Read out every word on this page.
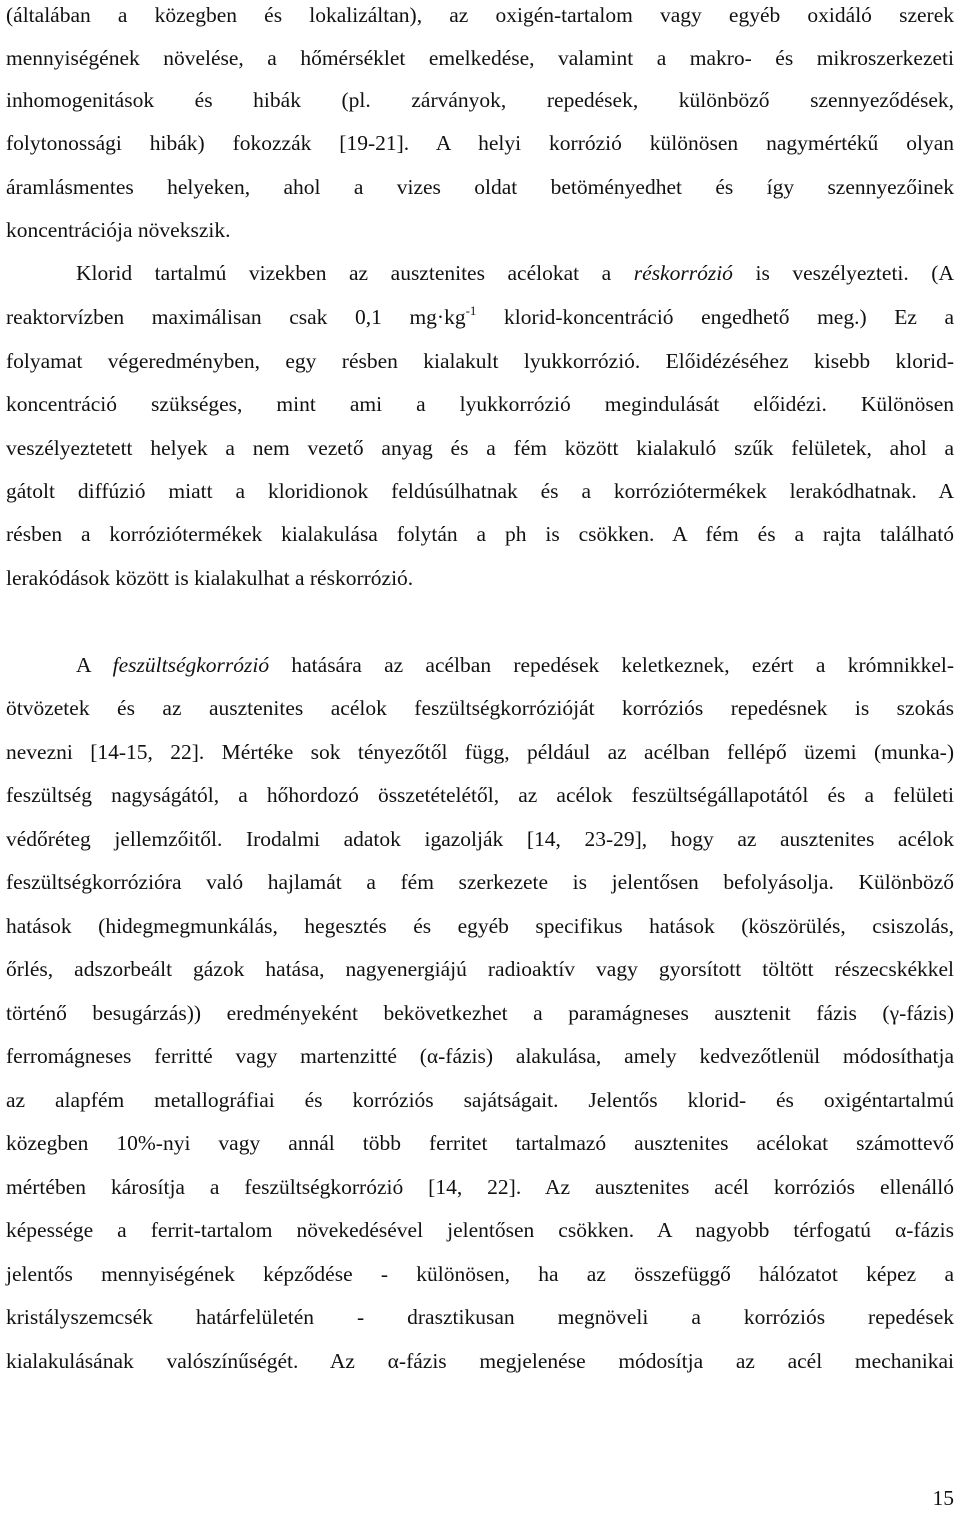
(általában a közegben és lokalizáltan), az oxigén-tartalom vagy egyéb oxidáló szerek

mennyiségének növelése, a hőmérséklet emelkedése, valamint a makro- és mikroszerkezeti

inhomogenitások és hibák (pl. zárványok, repedések, különböző szennyeződések,

folytonossági hibák) fokozzák [19-21]. A helyi korrózió különösen nagymértékű olyan

áramlásmentes helyeken, ahol a vizes oldat betöményedhet és így szennyezőinek

koncentrációja növekszik.

Klorid tartalmú vizekben az ausztenites acélokat a réskorrózió is veszélyezteti. (A

reaktorvízben maximálisan csak 0,1 $mg\cdot kg^{-1}$ klorid-koncentráció engedhető meg.) Ez a

folyamat végeredményben, egy résben kialakult lyukkorrózió. Előidézéséhez kisebb klorid-

koncentráció szükséges, mint ami a lyukkorrózió megindulását előidézi. Különösen

veszélyeztetett helyek a nem vezető anyag és a fém között kialakuló szűk felületek, ahol a

gátolt diffúzió miatt a kloridionok feldúsúlhatnak és a korróziótermékek lerakódhatnak. A

résben a korróziótermékek kialakulása folytán a ph is csökken. A fém és a rajta található

lerakódások között is kialakulhat a réskorrózió.

A feszültségkorrózió hatására az acélban repedések keletkeznek, ezért a krómnikkel-

ötvözetek és az ausztenites acélok feszültségkorrózióját korróziós repedésnek is szokás

nevezni [14-15, 22]. Mértéke sok tényezőtől függ, például az acélban fellépő üzemi (munka-)

feszültség nagyságától, a hőhordozó összetételétől, az acélok feszültségállapotától és a felületi

védőréteg jellemzőitől. Irodalmi adatok igazolják [14, 23-29], hogy az ausztenites acélok

feszültségkorrózióra való hajlamát a fém szerkezete is jelentősen befolyásolja. Különböző

hatások (hidegmegmunkálás, hegesztés és egyéb specifikus hatások (köszörülés, csiszolás,

őrlés, adszorbeált gázok hatása, nagyenergiájú radioaktív vagy gyorsított töltött részecskékkel

történő besugárzás)) eredményeként bekövetkezhet a paramágneses ausztenit fázis (γ-fázis)

ferromágneses ferritté vagy martenzitté (α-fázis) alakulása, amely kedvezőtlenül módosíthatja

az alapfém metallográfiai és korróziós sajátságait. Jelentős klorid- és oxigéntartalmú

közegben 10%-nyi vagy annál több ferritet tartalmazó ausztenites acélokat számottevő

mértében károsítja a feszültségkorrózió [14, 22]. Az ausztenites acél korróziós ellenálló

képessége a ferrit-tartalom növekedésével jelentősen csökken. A nagyobb térfogatú α-fázis

jelentős mennyiségének képződése - különösen, ha az összefüggő hálózatot képez a

kristályszemcsék határfelületén - drasztikusan megnöveli a korróziós repedések

kialakulásának valószínűségét. Az α-fázis megjelenése módosítja az acél mechanikai

15
